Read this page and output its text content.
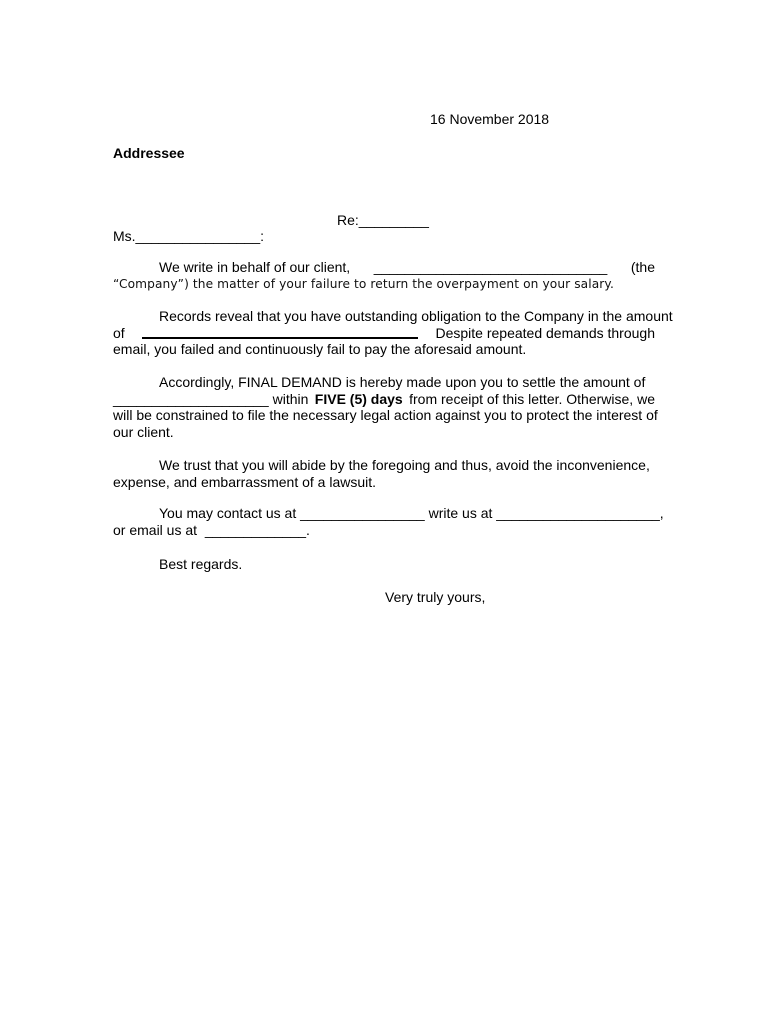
16 November 2018
Addressee
Re:_________
Ms.________________:
We write in behalf of our client, ______________________________ (the
“Company”) the matter of your failure to return the overpayment on your salary.
Records reveal that you have outstanding obligation to the Company in the amount
of	Despite repeated demands through
email, you failed and continuously fail to pay the aforesaid amount.
Accordingly, FINAL DEMAND is hereby made upon you to settle the amount of
____________________ within FIVE (5) days from receipt of this letter. Otherwise, we
will be constrained to file the necessary legal action against you to protect the interest of
our client.
We trust that you will abide by the foregoing and thus, avoid the inconvenience,
expense, and embarrassment of a lawsuit.
You may contact us at ________________ write us at _____________________,
or email us at  _____________.
Best regards.
Very truly yours,
